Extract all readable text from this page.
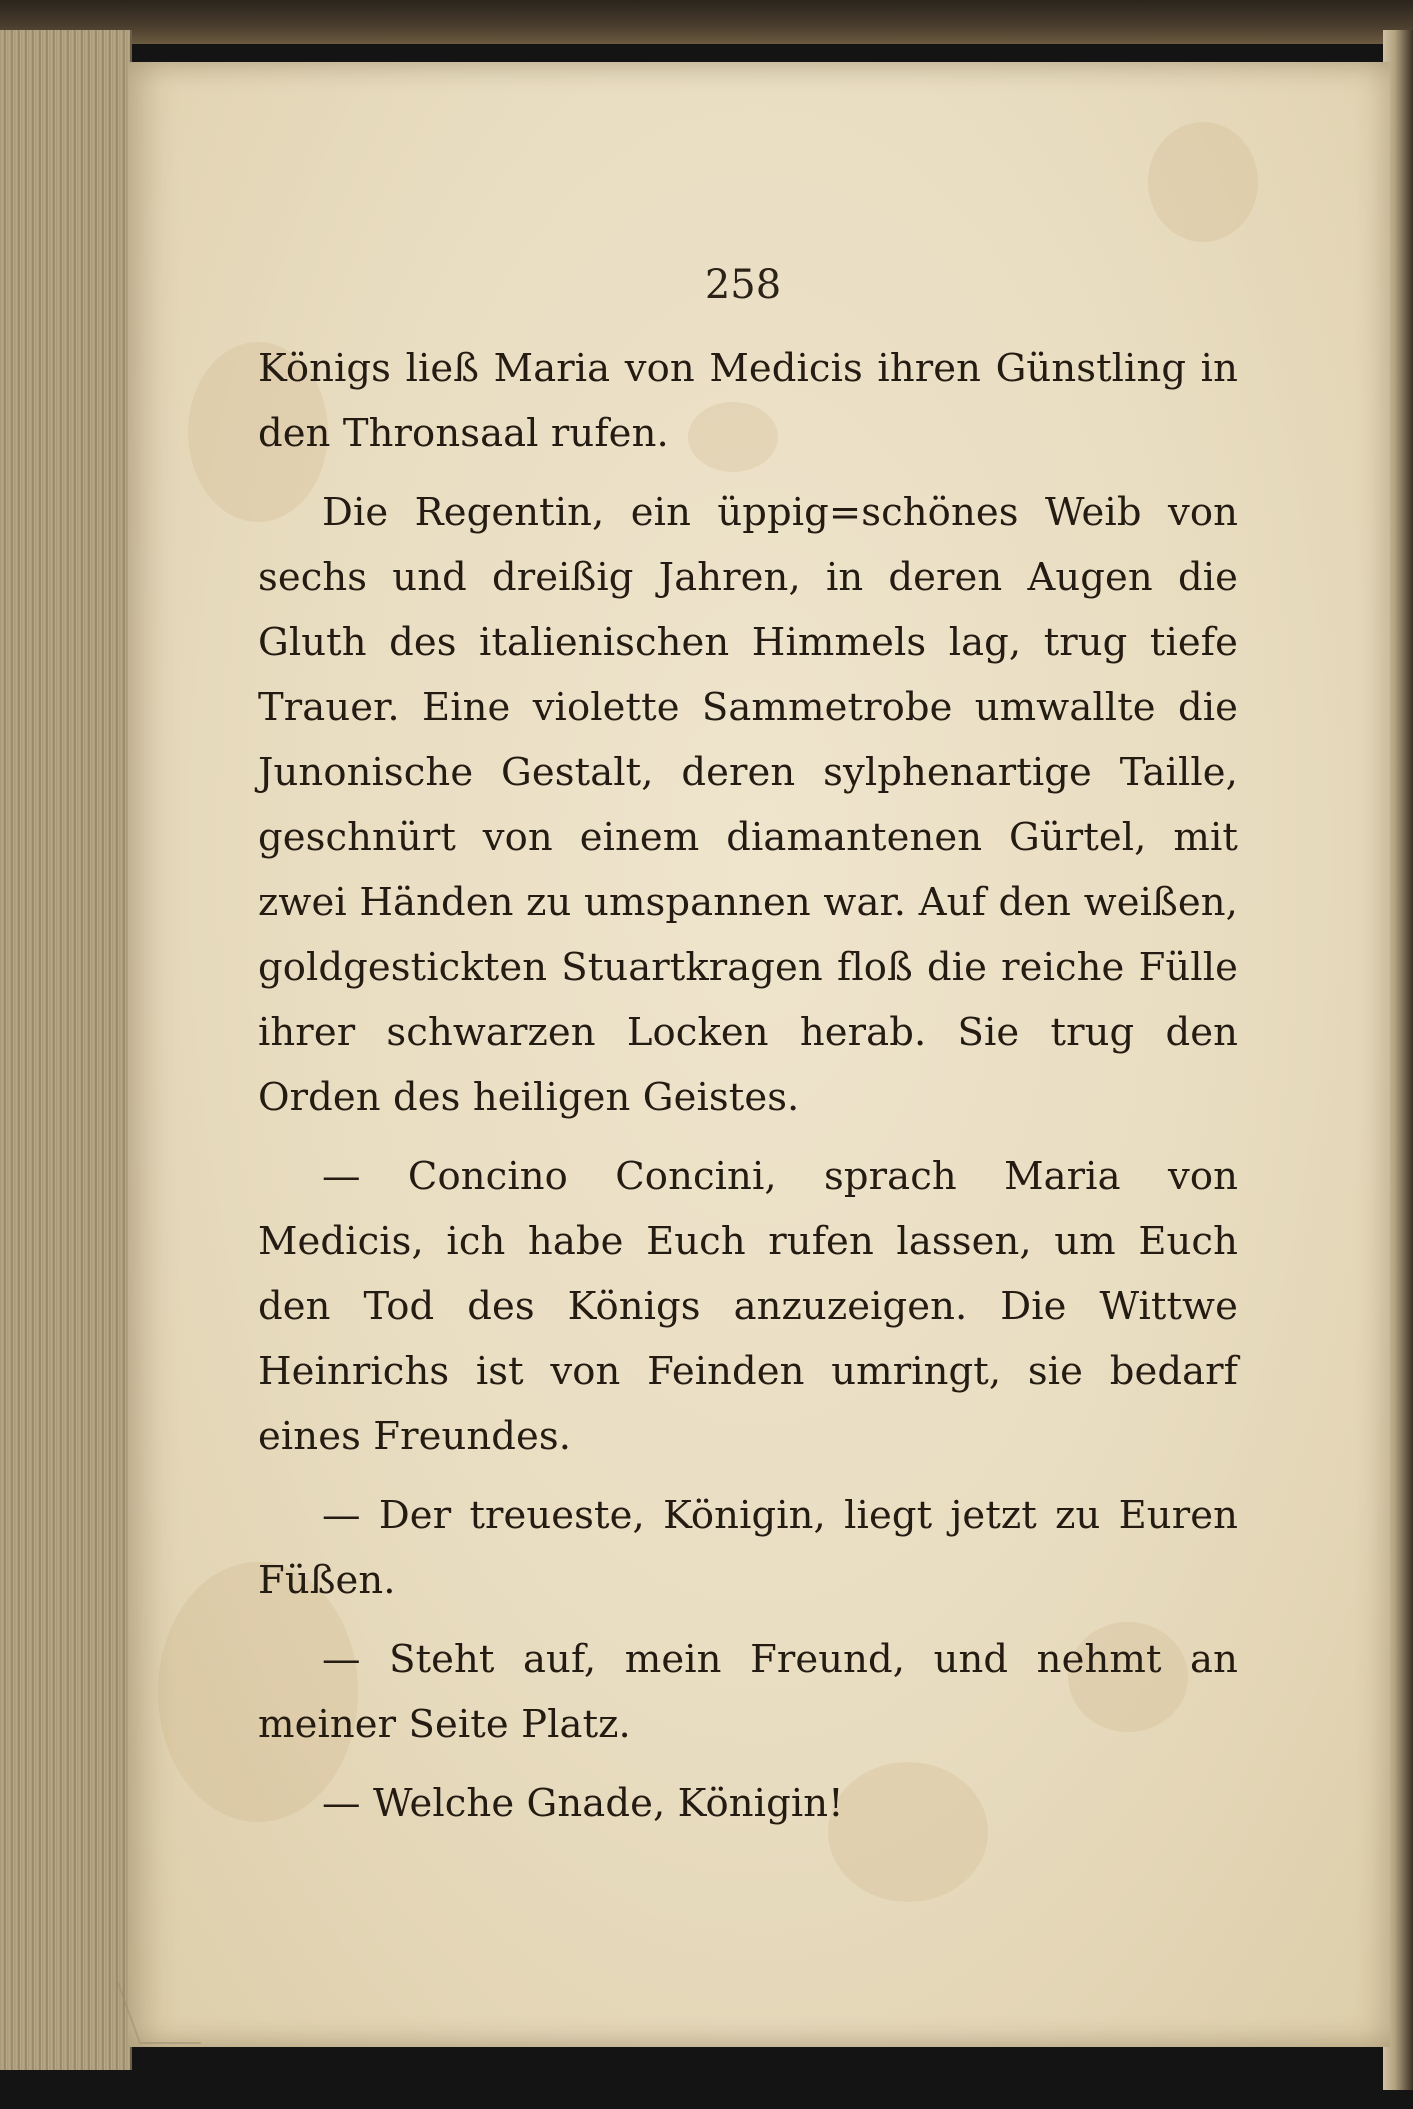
258

Königs ließ Maria von Medicis ihren Günstling in den Thronsaal rufen.

Die Regentin, ein üppig=schönes Weib von sechs und dreißig Jahren, in deren Augen die Gluth des italienischen Himmels lag, trug tiefe Trauer. Eine violette Sammetrobe umwallte die Junonische Gestalt, deren sylphenartige Taille, geschnürt von einem diamantenen Gürtel, mit zwei Händen zu umspannen war. Auf den weißen, goldgestickten Stuartkragen floß die reiche Fülle ihrer schwarzen Locken herab. Sie trug den Orden des heiligen Geistes.

— Concino Concini, sprach Maria von Medicis, ich habe Euch rufen lassen, um Euch den Tod des Königs anzuzeigen. Die Wittwe Heinrichs ist von Feinden umringt, sie bedarf eines Freundes.

— Der treueste, Königin, liegt jetzt zu Euren Füßen.

— Steht auf, mein Freund, und nehmt an meiner Seite Platz.

— Welche Gnade, Königin!
